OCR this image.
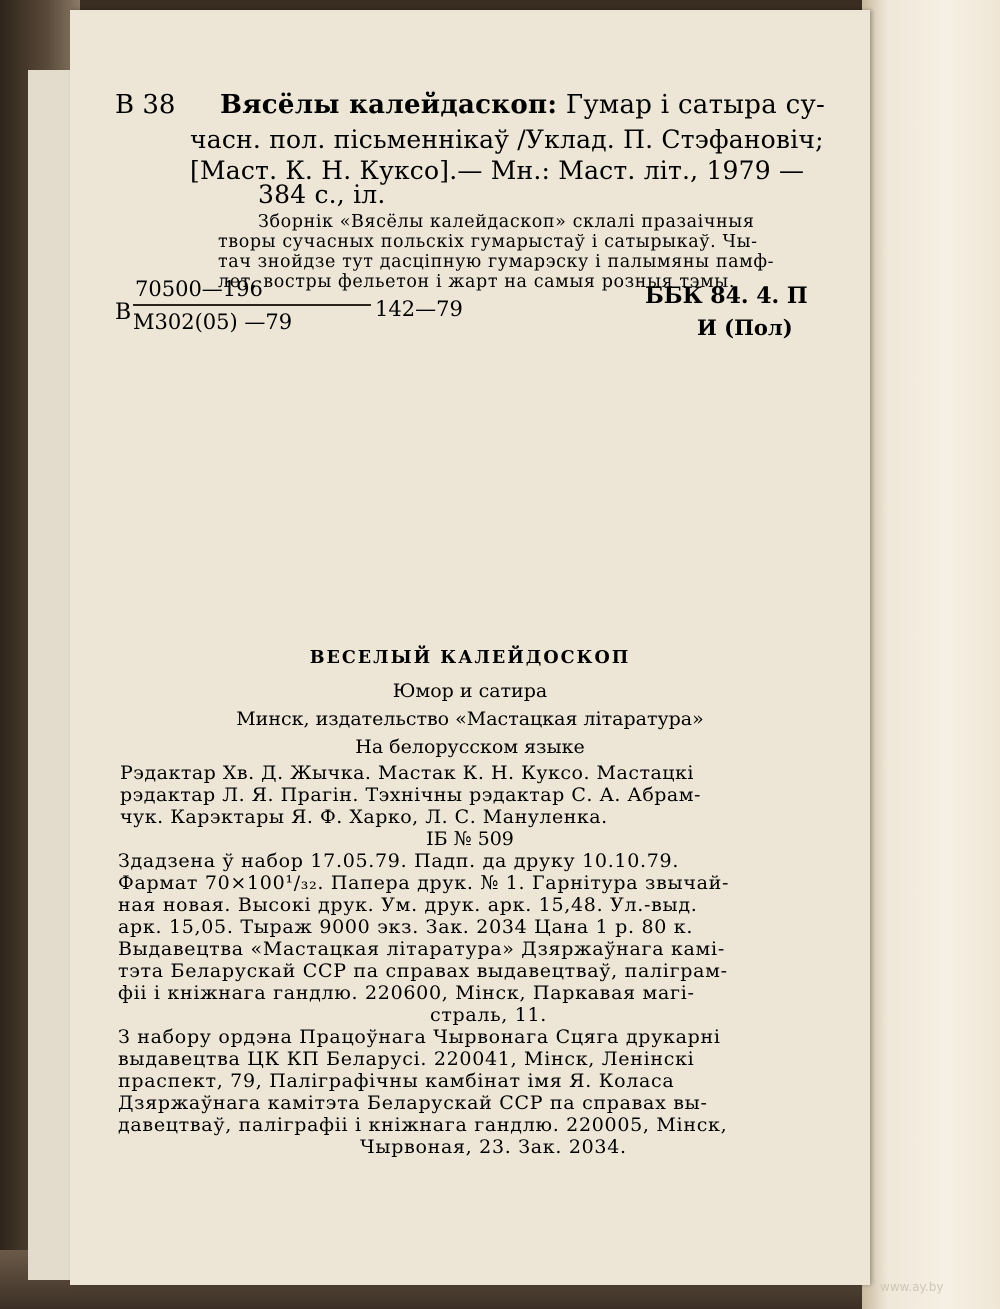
В 38 Вясёлы калейдаскоп: Гумар і сатыра су-
часн. пол. пісьменнікаў /Уклад. П. Стэфановіч;
[Маст. К. Н. Куксо].— Мн.: Маст. літ., 1979 —
384 с., іл.
Зборнік «Вясёлы калейдаскоп» склалі празаічныя
творы сучасных польскіх гумарыстаў і сатырыкаў. Чы-
тач знойдзе тут дасціпную гумарэску і палымяны памф-
лет, востры фельетон і жарт на самыя розныя тэмы.
В
70500—196
М302(05) —79
142—79	ББК 84. 4. П
И (Пол)
ВЕСЕЛЫЙ КАЛЕЙДОСКОП
Юмор и сатира
Минск, издательство «Мастацкая літаратура»
На белорусском языке
Рэдактар Хв. Д. Жычка. Мастак К. Н. Куксо. Мастацкі
рэдактар Л. Я. Прагін. Тэхнічны рэдактар С. А. Абрам-
чук. Карэктары Я. Ф. Харко, Л. С. Мануленка.
ІБ № 509
Здадзена ў набор 17.05.79. Падп. да друку 10.10.79.
Фармат 70×100¹/₃₂. Папера друк. № 1. Гарнітура звычай-
ная новая. Высокі друк. Ум. друк. арк. 15,48. Ул.-выд.
арк. 15,05. Тыраж 9000 экз. Зак. 2034 Цана 1 р. 80 к.
Выдавецтва «Мастацкая літаратура» Дзяржаўнага камі-
тэта Беларускай ССР па справах выдавецтваў, паліграм-
фіі і кніжнага гандлю. 220600, Мінск, Паркавая магі-
страль, 11.
З набору ордэна Працоўнага Чырвонага Сцяга друкарні
выдавецтва ЦК КП Беларусі. 220041, Мінск, Ленінскі
праспект, 79, Паліграфічны камбінат імя Я. Коласа
Дзяржаўнага камітэта Беларускай ССР па справах вы-
давецтваў, паліграфіі і кніжнага гандлю. 220005, Мінск,
Чырвоная, 23. Зак. 2034.
www.ay.by
